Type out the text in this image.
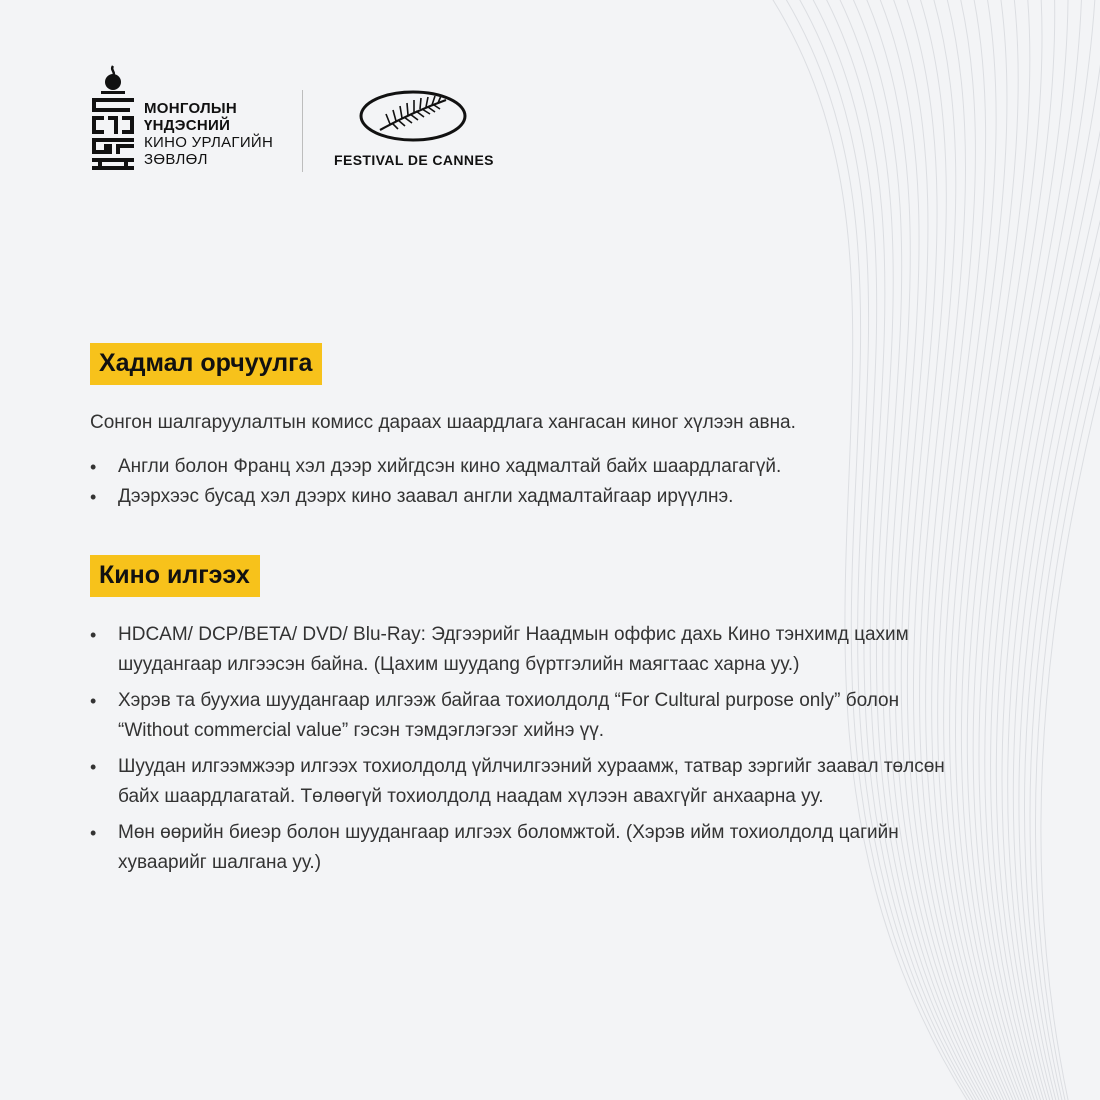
МОНГОЛЫН
ҮНДЭСНИЙ
КИНО УРЛАГИЙН
ЗӨВЛӨЛ	FESTIVAL DE CANNES
Хадмал орчуулга
Сонгон шалгаруулалтын комисс дараах шаардлага хангасан киног хүлээн авна.
• Англи болон Франц хэл дээр хийгдсэн кино хадмалтай байх шаардлагагүй.
• Дээрхээс бусад хэл дээрх кино заавал англи хадмалтайгаар ирүүлнэ.
Кино илгээх
• HDCAM/ DCP/BETA/ DVD/ Blu-Ray: Эдгээрийг Наадмын оффис дахь Кино тэнхимд цахим шуудангаар илгээсэн байна. (Цахим шуудang бүртгэлийн маягтаас харна уу.)
• Хэрэв та буухиа шуудангаар илгээж байгаа тохиолдолд “For Cultural purpose only” болон “Without commercial value” гэсэн тэмдэглэгээг хийнэ үү.
• Шуудан илгээмжээр илгээх тохиолдолд үйлчилгээний хураамж, татвар зэргийг заавал төлсөн байх шаардлагатай. Төлөөгүй тохиолдолд наадам хүлээн авахгүйг анхаарна уу.
• Мөн өөрийн биеэр болон шуудангаар илгээх боломжтой. (Хэрэв ийм тохиолдолд цагийн хуваарийг шалгана уу.)
